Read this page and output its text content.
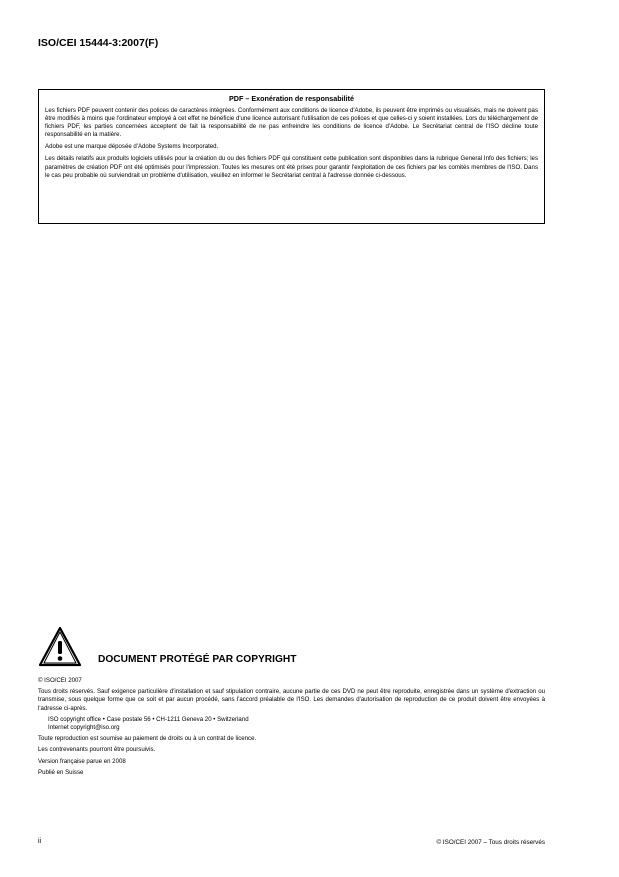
ISO/CEI 15444-3:2007(F)
PDF – Exonération de responsabilité

Les fichiers PDF peuvent contenir des polices de caractères intégrées. Conformément aux conditions de licence d'Adobe, ils peuvent être imprimés ou visualisés, mais ne doivent pas être modifiés à moins que l'ordinateur employé à cet effet ne bénéficie d'une licence autorisant l'utilisation de ces polices et que celles-ci y soient installées. Lors du téléchargement de fichiers PDF, les parties concernées acceptent de fait la responsabilité de ne pas enfreindre les conditions de licence d'Adobe. Le Secrétariat central de l'ISO décline toute responsabilité en la matière.

Adobe est une marque déposée d'Adobe Systems Incorporated.

Les détails relatifs aux produits logiciels utilisés pour la création du ou des fichiers PDF qui constituent cette publication sont disponibles dans la rubrique General Info des fichiers; les paramètres de création PDF ont été optimisés pour l'impression. Toutes les mesures ont été prises pour garantir l'exploitation de ces fichiers par les comités membres de l'ISO. Dans le cas peu probable où surviendrait un problème d'utilisation, veuillez en informer le Secrétariat central à l'adresse donnée ci-dessous.

DOCUMENT PROTÉGÉ PAR COPYRIGHT

© ISO/CEI 2007

Tous droits réservés. Sauf exigence particulière d'installation et sauf stipulation contraire, aucune partie de ces DVD ne peut être reproduite, enregistrée dans un système d'extraction ou transmise, sous quelque forme que ce soit et par aucun procédé, sans l'accord préalable de l'ISO. Les demandes d'autorisation de reproduction de ce produit doivent être envoyées à l'adresse ci-après.

ISO copyright office • Case postale 56 • CH-1211 Geneva 20 • Switzerland
Internet copyright@iso.org

Toute reproduction est soumise au paiement de droits ou à un contrat de licence.

Les contrevenants pourront être poursuivis.

Version française parue en 2008

Publié en Suisse

ii	© ISO/CEI 2007 – Tous droits réservés
